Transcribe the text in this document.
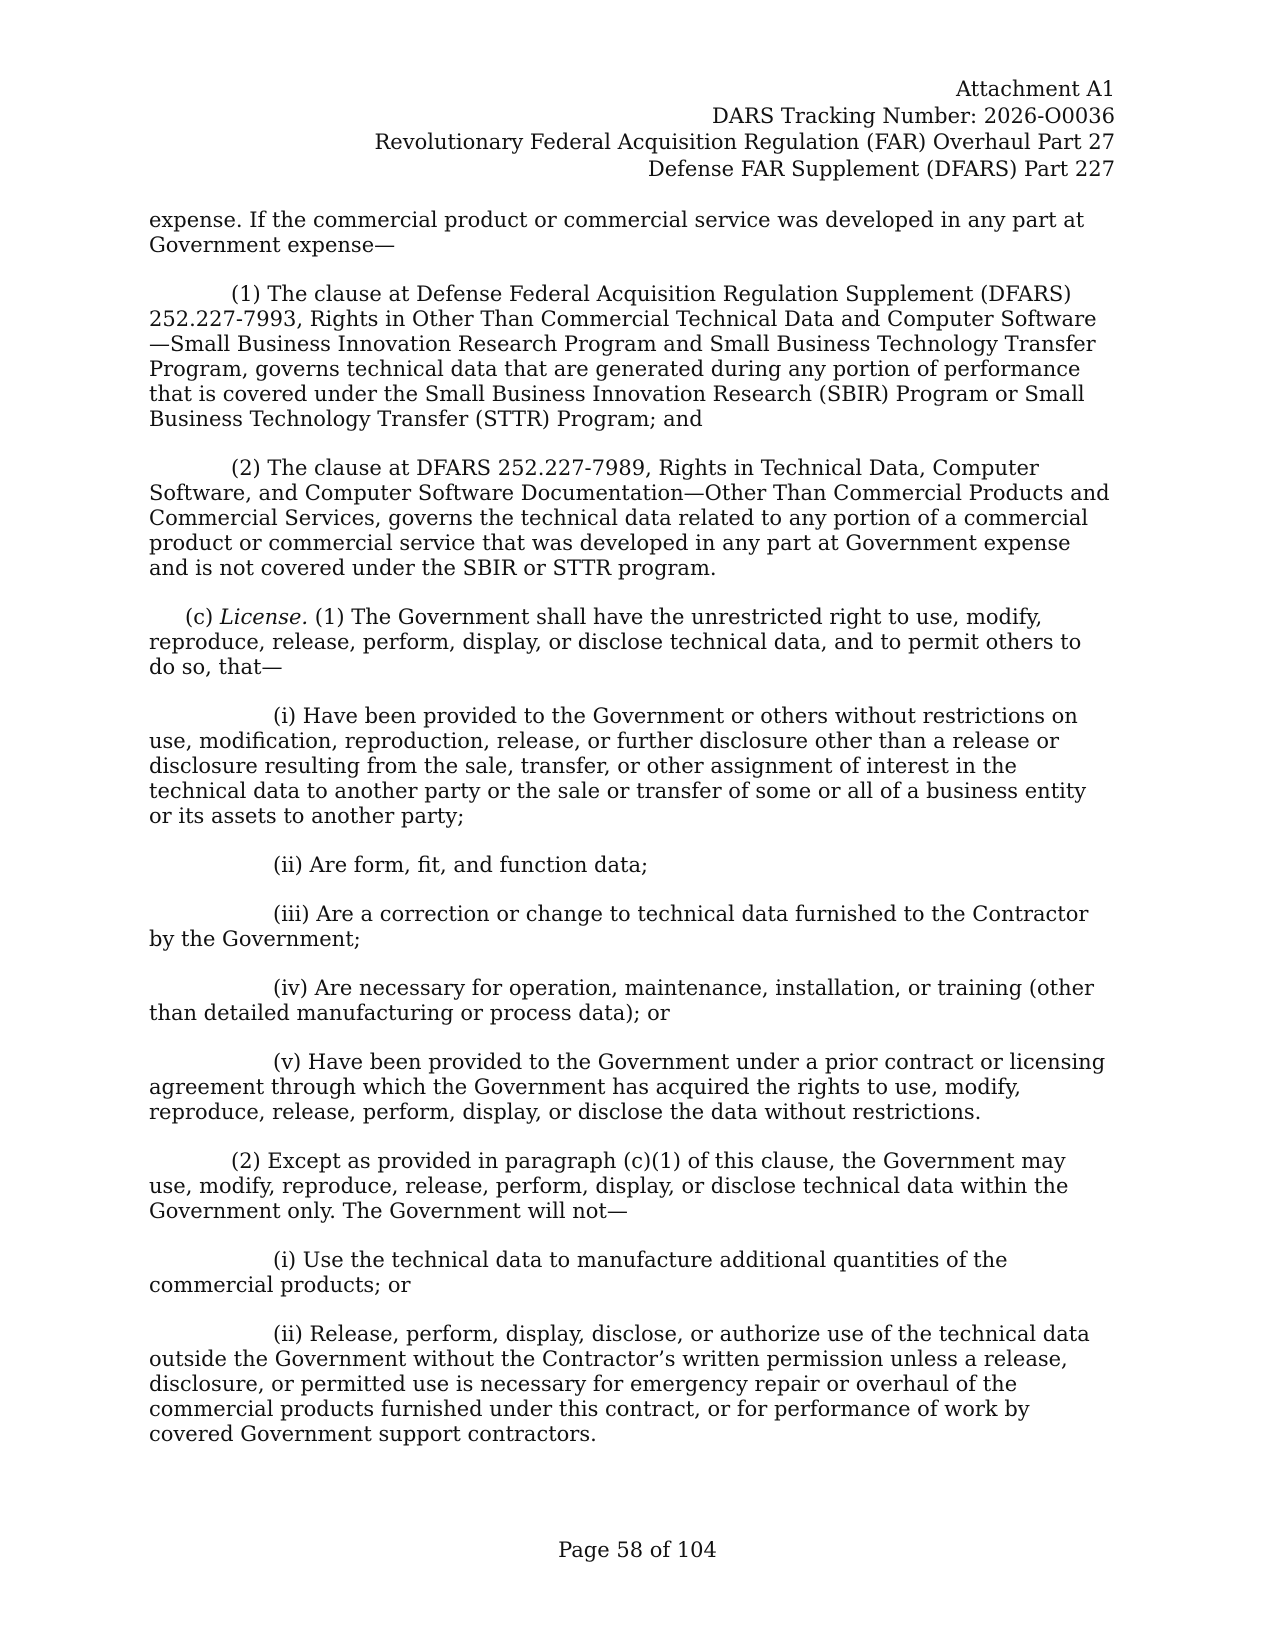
Attachment A1
DARS Tracking Number: 2026-O0036
Revolutionary Federal Acquisition Regulation (FAR) Overhaul Part 27
Defense FAR Supplement (DFARS) Part 227

expense. If the commercial product or commercial service was developed in any part at Government expense—

(1) The clause at Defense Federal Acquisition Regulation Supplement (DFARS) 252.227-7993, Rights in Other Than Commercial Technical Data and Computer Software—Small Business Innovation Research Program and Small Business Technology Transfer Program, governs technical data that are generated during any portion of performance that is covered under the Small Business Innovation Research (SBIR) Program or Small Business Technology Transfer (STTR) Program; and

(2) The clause at DFARS 252.227-7989, Rights in Technical Data, Computer Software, and Computer Software Documentation—Other Than Commercial Products and Commercial Services, governs the technical data related to any portion of a commercial product or commercial service that was developed in any part at Government expense and is not covered under the SBIR or STTR program.

(c) License. (1) The Government shall have the unrestricted right to use, modify, reproduce, release, perform, display, or disclose technical data, and to permit others to do so, that—

(i) Have been provided to the Government or others without restrictions on use, modification, reproduction, release, or further disclosure other than a release or disclosure resulting from the sale, transfer, or other assignment of interest in the technical data to another party or the sale or transfer of some or all of a business entity or its assets to another party;

(ii) Are form, fit, and function data;

(iii) Are a correction or change to technical data furnished to the Contractor by the Government;

(iv) Are necessary for operation, maintenance, installation, or training (other than detailed manufacturing or process data); or

(v) Have been provided to the Government under a prior contract or licensing agreement through which the Government has acquired the rights to use, modify, reproduce, release, perform, display, or disclose the data without restrictions.

(2) Except as provided in paragraph (c)(1) of this clause, the Government may use, modify, reproduce, release, perform, display, or disclose technical data within the Government only. The Government will not—

(i) Use the technical data to manufacture additional quantities of the commercial products; or

(ii) Release, perform, display, disclose, or authorize use of the technical data outside the Government without the Contractor’s written permission unless a release, disclosure, or permitted use is necessary for emergency repair or overhaul of the commercial products furnished under this contract, or for performance of work by covered Government support contractors.

Page 58 of 104
